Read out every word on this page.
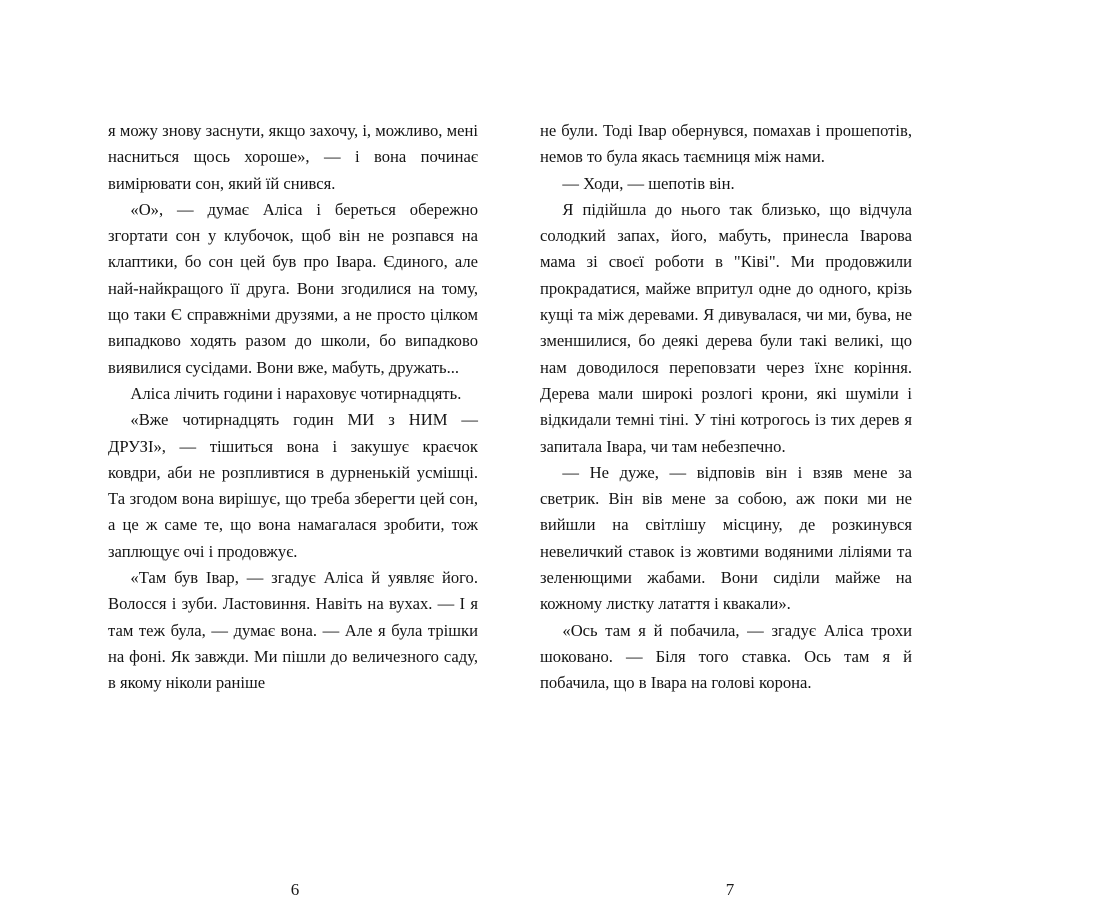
я можу знову заснути, якщо захочу, і, можливо, мені насниться щось хороше», — і вона починає вимірювати сон, який їй снився.

«О», — думає Аліса і береться обережно згортати сон у клубочок, щоб він не розпався на клаптики, бо сон цей був про Івара. Єдиного, але най-найкращого її друга. Вони згодилися на тому, що таки Є справжніми друзями, а не просто цілком випадково ходять разом до школи, бо випадково виявилися сусідами. Вони вже, мабуть, дружать...

Аліса лічить години і нараховує чотирнадцять.

«Вже чотирнадцять годин МИ з НИМ — ДРУЗІ», — тішиться вона і закушує краєчок ковдри, аби не розпливтися в дурненькій усмішці. Та згодом вона вирішує, що треба зберегти цей сон, а це ж саме те, що вона намагалася зробити, тож заплющує очі і продовжує.

«Там був Івар, — згадує Аліса й уявляє його. Волосся і зуби. Ластовиння. Навіть на вухах. — І я там теж була, — думає вона. — Але я була трішки на фоні. Як завжди. Ми пішли до величезного саду, в якому ніколи раніше

6

не були. Тоді Івар обернувся, помахав і прошепотів, немов то була якась таємниця між нами.

— Ходи, — шепотів він.

Я підійшла до нього так близько, що відчула солодкий запах, його, мабуть, принесла Іварова мама зі своєї роботи в "Ківі". Ми продовжили прокрадатися, майже впритул одне до одного, крізь кущі та між деревами. Я дивувалася, чи ми, бува, не зменшилися, бо деякі дерева були такі великі, що нам доводилося переповзати через їхнє коріння. Дерева мали широкі розлогі крони, які шуміли і відкидали темні тіні. У тіні котрогось із тих дерев я запитала Івара, чи там небезпечно.

— Не дуже, — відповів він і взяв мене за светрик. Він вів мене за собою, аж поки ми не вийшли на світлішу місцину, де розкинувся невеличкий ставок із жовтими водяними ліліями та зеленющими жабами. Вони сиділи майже на кожному листку латаття і квакали».

«Ось там я й побачила, — згадує Аліса трохи шоковано. — Біля того ставка. Ось там я й побачила, що в Івара на голові корона.

7
